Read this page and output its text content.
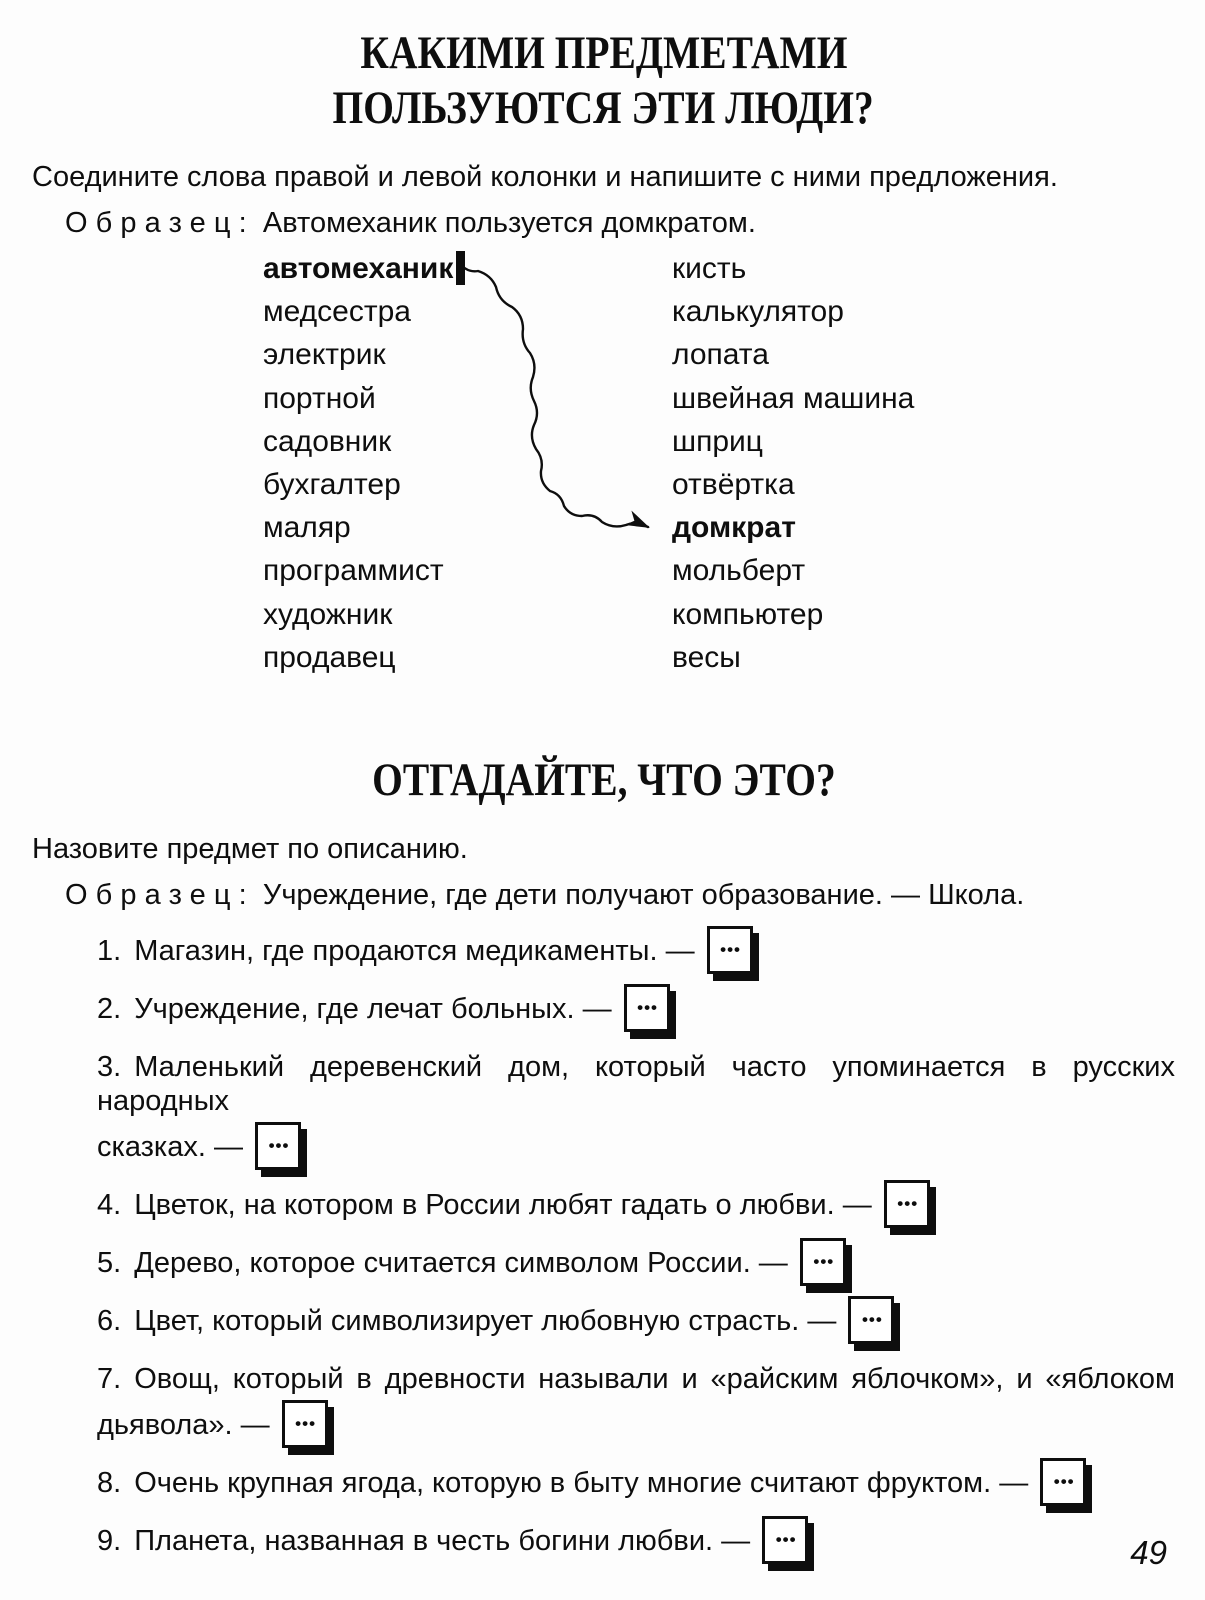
КАКИМИ ПРЕДМЕТАМИ
ПОЛЬЗУЮТСЯ ЭТИ ЛЮДИ?

Соедините слова правой и левой колонки и напишите с ними предложения.

Образец: Автомеханик пользуется домкратом.

автомеханик
медсестра
электрик
портной
садовник
бухгалтер
маляр
программист
художник
продавец
кисть
калькулятор
лопата
швейная машина
шприц
отвёртка
домкрат
мольберт
компьютер
весы
ОТГАДАЙТЕ, ЧТО ЭТО?

Назовите предмет по описанию.

Образец: Учреждение, где дети получают образование. — Школа.

1. Магазин, где продаются медикаменты. — •••
2. Учреждение, где лечат больных. — •••
3. Маленький деревенский дом, который часто упоминается в русских народных
сказках. — •••
4. Цветок, на котором в России любят гадать о любви. — •••
5. Дерево, которое считается символом России. — •••
6. Цвет, который символизирует любовную страсть. — •••
7. Овощ, который в древности называли и «райским яблочком», и «яблоком
дьявола». — •••
8. Очень крупная ягода, которую в быту многие считают фруктом. — •••
9. Планета, названная в честь богини любви. — •••	49
